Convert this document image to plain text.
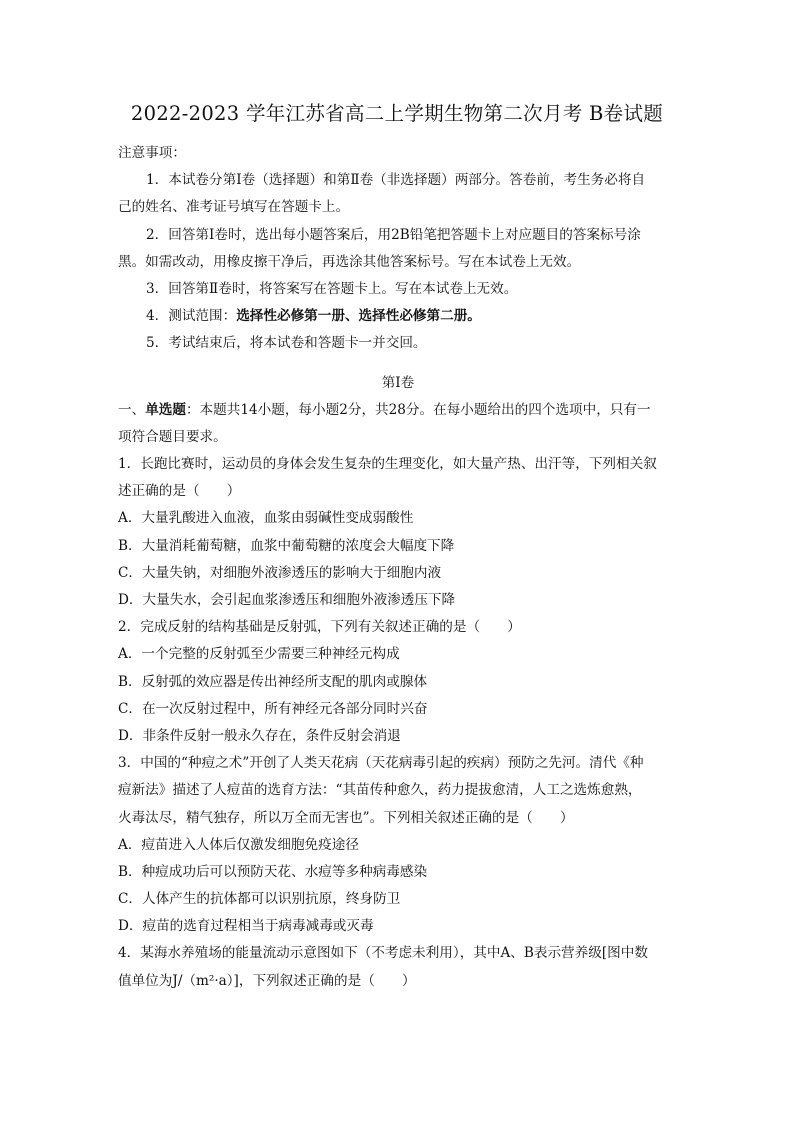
2022-2023 学年江苏省高二上学期生物第二次月考 B卷试题
注意事项：
1．本试卷分第Ⅰ卷（选择题）和第Ⅱ卷（非选择题）两部分。答卷前，考生务必将自
己的姓名、准考证号填写在答题卡上。
2．回答第Ⅰ卷时，选出每小题答案后，用2B铅笔把答题卡上对应题目的答案标号涂
黑。如需改动，用橡皮擦干净后，再选涂其他答案标号。写在本试卷上无效。
3．回答第Ⅱ卷时，将答案写在答题卡上。写在本试卷上无效。
4．测试范围：选择性必修第一册、选择性必修第二册。
5．考试结束后，将本试卷和答题卡一并交回。
第Ⅰ卷
一、单选题：本题共14小题，每小题2分，共28分。在每小题给出的四个选项中，只有一
项符合题目要求。
1．长跑比赛时，运动员的身体会发生复杂的生理变化，如大量产热、出汗等，下列相关叙
述正确的是（　　）
A．大量乳酸进入血液，血浆由弱碱性变成弱酸性
B．大量消耗葡萄糖，血浆中葡萄糖的浓度会大幅度下降
C．大量失钠，对细胞外液渗透压的影响大于细胞内液
D．大量失水，会引起血浆渗透压和细胞外液渗透压下降
2．完成反射的结构基础是反射弧，下列有关叙述正确的是（　　）
A．一个完整的反射弧至少需要三种神经元构成
B．反射弧的效应器是传出神经所支配的肌肉或腺体
C．在一次反射过程中，所有神经元各部分同时兴奋
D．非条件反射一般永久存在，条件反射会消退
3．中国的“种痘之术”开创了人类天花病（天花病毒引起的疾病）预防之先河。清代《种
痘新法》描述了人痘苗的选育方法：“其苗传种愈久，药力提拔愈清，人工之选炼愈熟，
火毒汰尽，精气独存，所以万全而无害也”。下列相关叙述正确的是（　　）
A．痘苗进入人体后仅激发细胞免疫途径
B．种痘成功后可以预防天花、水痘等多种病毒感染
C．人体产生的抗体都可以识别抗原，终身防卫
D．痘苗的选育过程相当于病毒减毒或灭毒
4．某海水养殖场的能量流动示意图如下（不考虑未利用），其中A、B表示营养级[图中数
值单位为J/（m²·a）]，下列叙述正确的是（　　）
